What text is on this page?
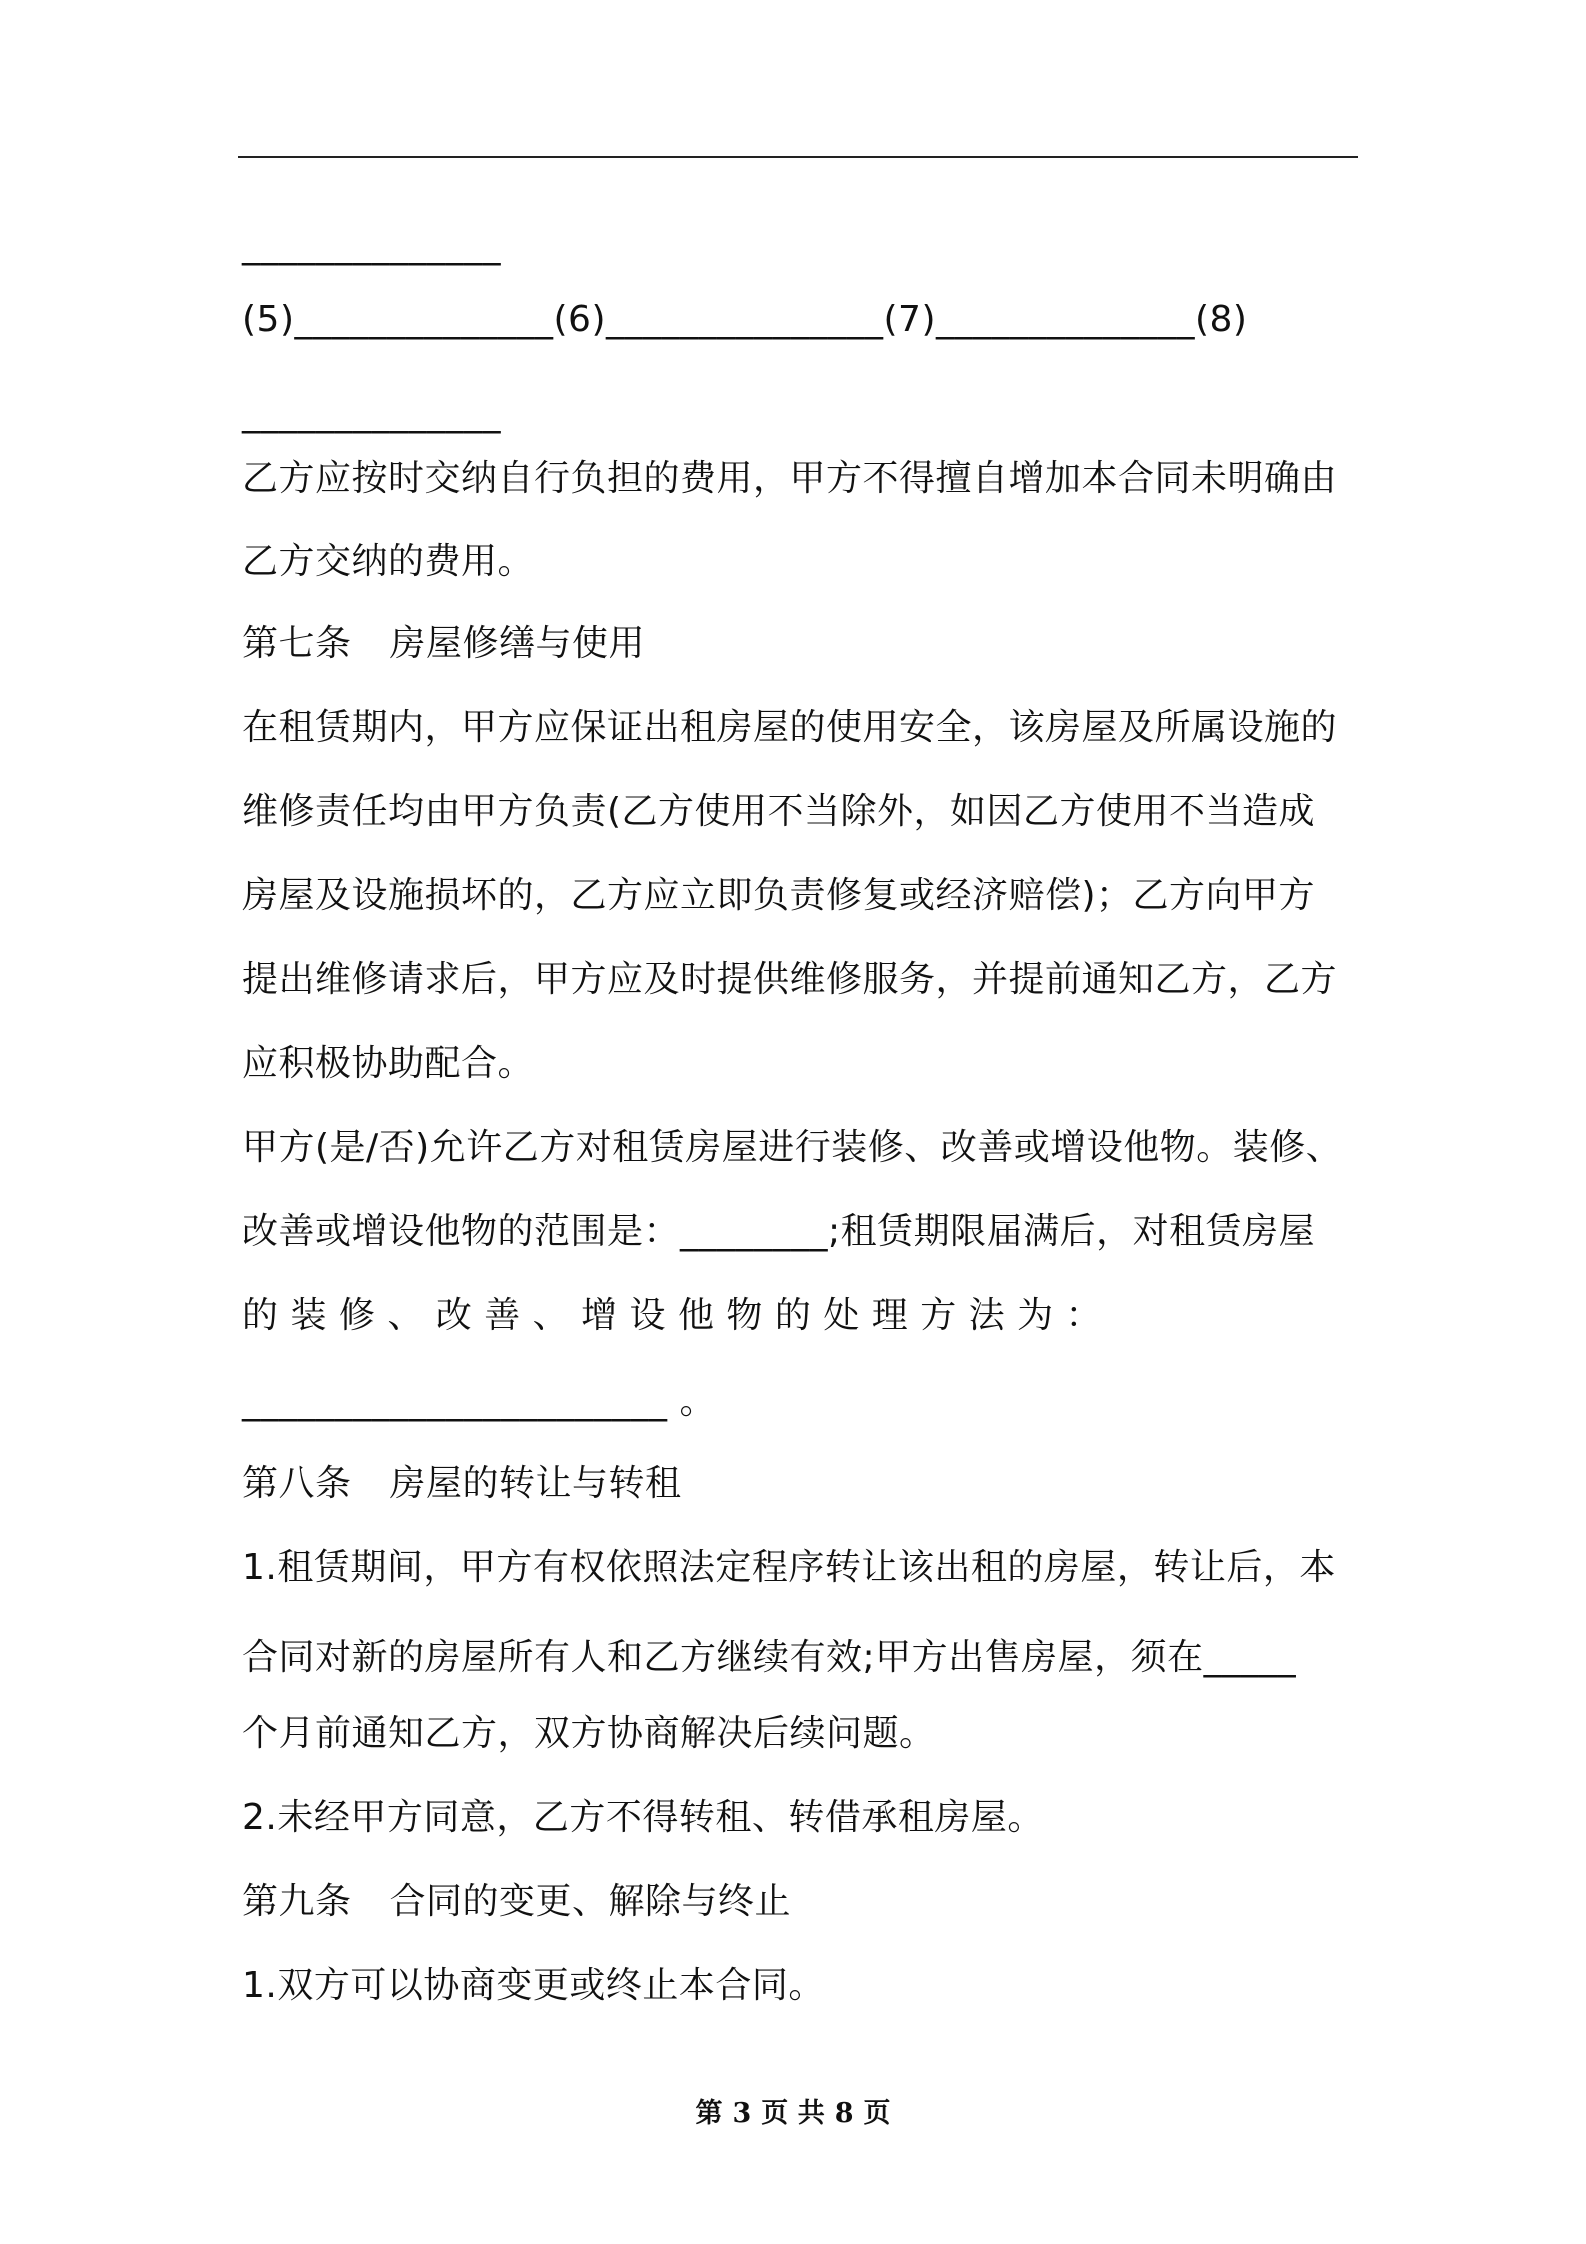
______________
(5)______________(6)_______________(7)______________(8)
______________
乙方应按时交纳自行负担的费用，甲方不得擅自增加本合同未明确由
乙方交纳的费用。
第七条 房屋修缮与使用
在租赁期内，甲方应保证出租房屋的使用安全，该房屋及所属设施的
维修责任均由甲方负责(乙方使用不当除外，如因乙方使用不当造成
房屋及设施损坏的，乙方应立即负责修复或经济赔偿)；乙方向甲方
提出维修请求后，甲方应及时提供维修服务，并提前通知乙方，乙方
应积极协助配合。
甲方(是/否)允许乙方对租赁房屋进行装修、改善或增设他物。装修、
改善或增设他物的范围是：________;租赁期限届满后，对租赁房屋
的 装 修 、 改 善 、 增 设 他 物 的 处 理 方 法 为 ：
_______________________ 。
第八条 房屋的转让与转租
1.租赁期间，甲方有权依照法定程序转让该出租的房屋，转让后，本
合同对新的房屋所有人和乙方继续有效;甲方出售房屋，须在_____
个月前通知乙方，双方协商解决后续问题。
2.未经甲方同意，乙方不得转租、转借承租房屋。
第九条 合同的变更、解除与终止
1.双方可以协商变更或终止本合同。
第 3 页 共 8 页
